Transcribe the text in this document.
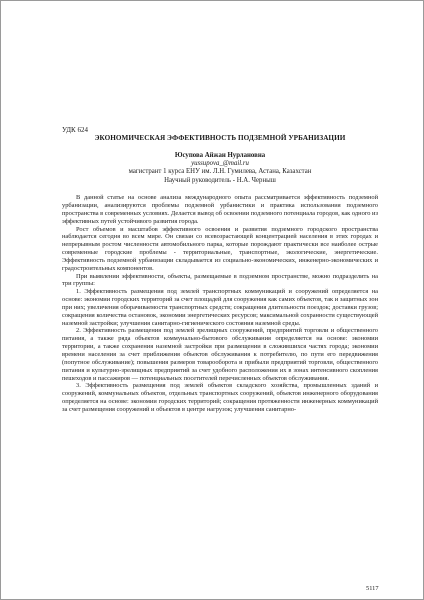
УДК 624

ЭКОНОМИЧЕСКАЯ ЭФФЕКТИВНОСТЬ ПОДЗЕМНОЙ УРБАНИЗАЦИИ
Юсупова Айжан Нурлановна
yussupova_@mail.ru
магистрант 1 курса ЕНУ им. Л.Н. Гумилева, Астана, Казахстан
Научный руководитель - Н.А. Черныш

В данной статье на основе анализа международного опыта рассматривается эффективность подземной урбанизации, анализируются проблемы подземной урбанистики и практика использования подземного пространства в современных условиях. Делается вывод об освоении подземного потенциала городов, как одного из эффективных путей устойчивого развития города.

Рост объемов и масштабов эффективного освоения и развития подземного городского пространства наблюдается сегодня во всем мире. Он связан со всевозрастающей концентрацией населения в этих городах и непрерывным ростом численности автомобильного парка, которые порождают практически все наиболее острые современные городские проблемы - территориальные, транспортные, экологические, энергетические. Эффективность подземной урбанизации складывается из социально-экономических, инженерно-экономических и градостроительных компонентов.

При выявлении эффективности, объекты, размещаемые в подземном пространстве, можно подразделить на три группы:

1. Эффективность размещения под землей транспортных коммуникаций и сооружений определяется на основе: экономии городских территорий за счет площадей для сооружения как самих объектов, так и защитных зон при них; увеличения оборачиваемости транспортных средств; сокращения длительности поездок; доставки грузов; сокращения количества остановок, экономии энергетических ресурсов; максимальной сохранности существующей наземной застройки; улучшения санитарно-гигиенического состояния наземной среды.

2. Эффективность размещения под землей зрелищных сооружений, предприятий торговли и общественного питания, а также ряда объектов коммунально-бытового обслуживания определяется на основе: экономии территории, а также сохранения наземной застройки при размещении в сложившихся частях города; экономии времени населения за счет приближения объектов обслуживания к потребителю, по пути его передвижения (попутное обслуживание); повышения размеров товарооборота и прибыли предприятий торговли, общественного питания и культурно-зрелищных предприятий за счет удобного расположения их в зонах интенсивного скопления пешеходов и пассажиров — потенциальных посетителей перечисленных объектов обслуживания.

3. Эффективность размещения под землей объектов складского хозяйства, промышленных зданий и сооружений, коммунальных объектов, отдельных транспортных сооружений, объектов инженерного оборудования определяется на основе: экономии городских территорий; сокращения протяженности инженерных коммуникаций за счет размещения сооружений и объектов в центре нагрузок; улучшения санитарно-

5117
